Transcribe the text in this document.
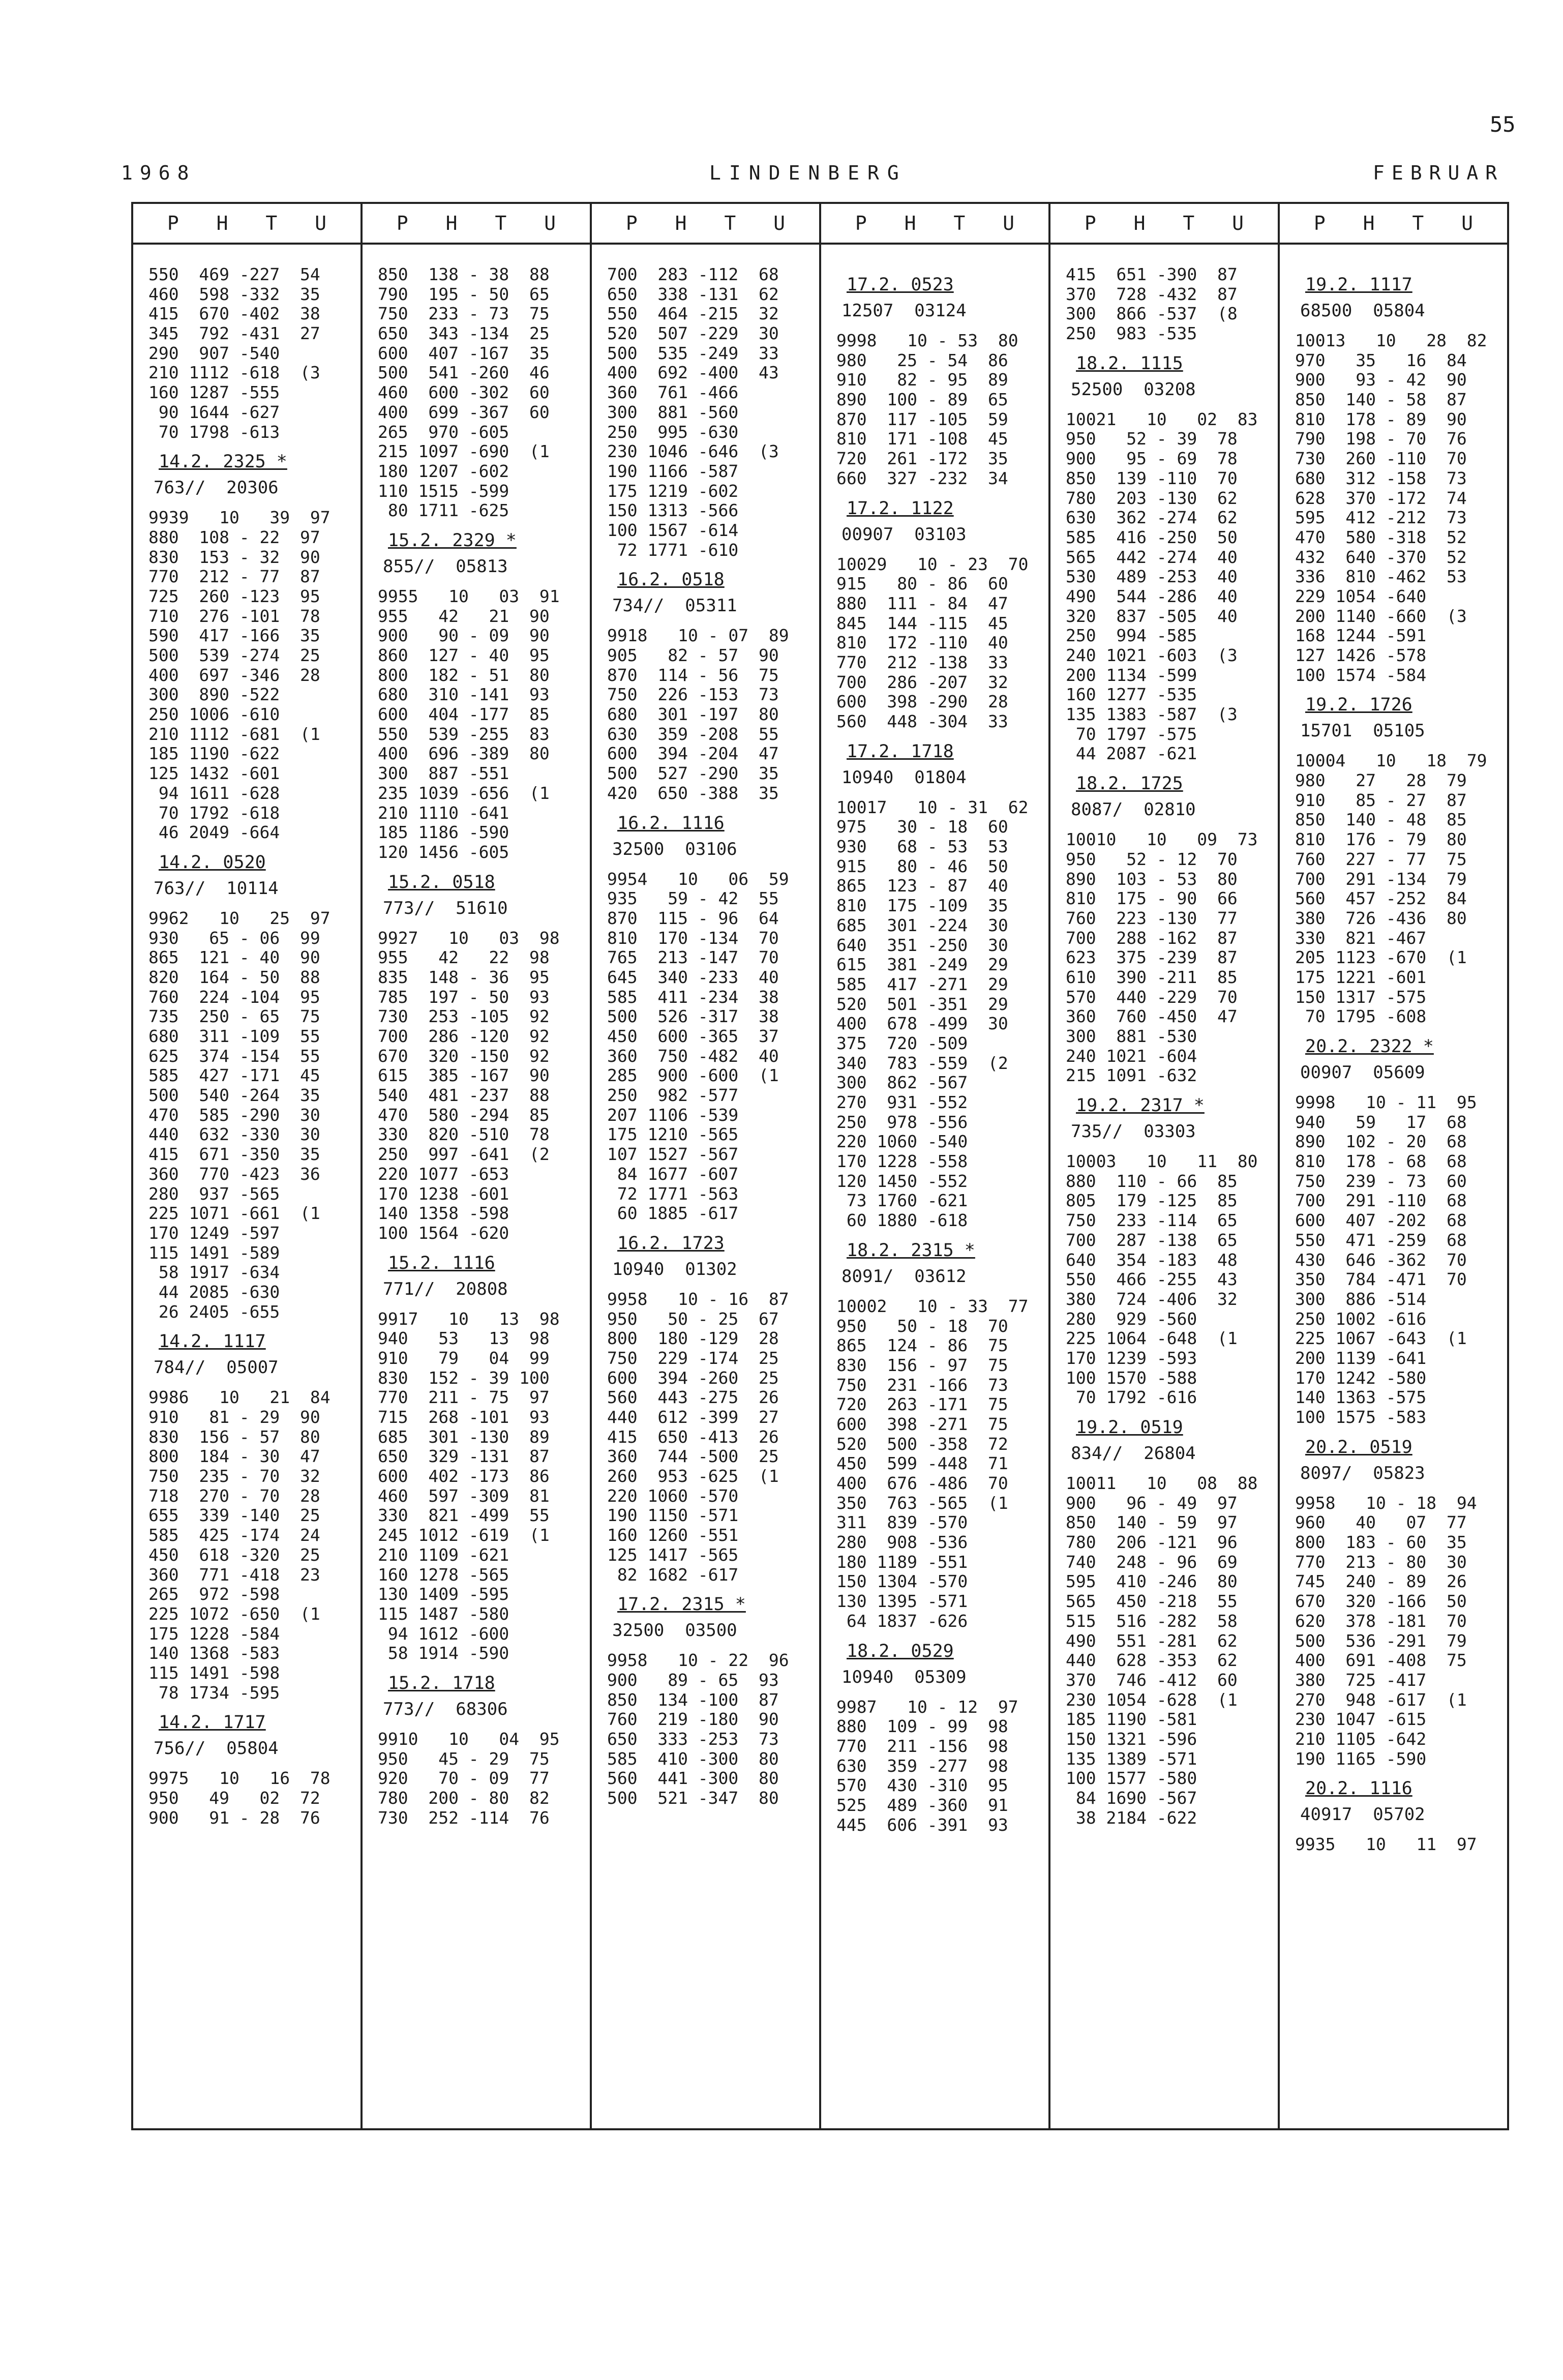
55
1968	LINDENBERG	FEBRUAR
P H T U
550  469 -227  54
460  598 -332  35
415  670 -402  38
345  792 -431  27
290  907 -540
210 1112 -618  (3
160 1287 -555
90 1644 -627
70 1798 -613
14.2. 2325 *
763//  20306
9939   10   39  97
880  108 - 22  97
830  153 - 32  90
770  212 - 77  87
725  260 -123  95
710  276 -101  78
590  417 -166  35
500  539 -274  25
400  697 -346  28
300  890 -522
250 1006 -610
210 1112 -681  (1
185 1190 -622
125 1432 -601
94 1611 -628
70 1792 -618
46 2049 -664
14.2. 0520
763//  10114
9962   10   25  97
930   65 - 06  99
865  121 - 40  90
820  164 - 50  88
760  224 -104  95
735  250 - 65  75
680  311 -109  55
625  374 -154  55
585  427 -171  45
500  540 -264  35
470  585 -290  30
440  632 -330  30
415  671 -350  35
360  770 -423  36
280  937 -565
225 1071 -661  (1
170 1249 -597
115 1491 -589
58 1917 -634
44 2085 -630
26 2405 -655
14.2. 1117
784//  05007
9986   10   21  84
910   81 - 29  90
830  156 - 57  80
800  184 - 30  47
750  235 - 70  32
718  270 - 70  28
655  339 -140  25
585  425 -174  24
450  618 -320  25
360  771 -418  23
265  972 -598
225 1072 -650  (1
175 1228 -584
140 1368 -583
115 1491 -598
78 1734 -595
14.2. 1717
756//  05804
9975   10   16  78
950   49   02  72
900   91 - 28  76
P H T U
850  138 - 38  88
790  195 - 50  65
750  233 - 73  75
650  343 -134  25
600  407 -167  35
500  541 -260  46
460  600 -302  60
400  699 -367  60
265  970 -605
215 1097 -690  (1
180 1207 -602
110 1515 -599
80 1711 -625
15.2. 2329 *
855//  05813
9955   10   03  91
955   42   21  90
900   90 - 09  90
860  127 - 40  95
800  182 - 51  80
680  310 -141  93
600  404 -177  85
550  539 -255  83
400  696 -389  80
300  887 -551
235 1039 -656  (1
210 1110 -641
185 1186 -590
120 1456 -605
15.2. 0518
773//  51610
9927   10   03  98
955   42   22  98
835  148 - 36  95
785  197 - 50  93
730  253 -105  92
700  286 -120  92
670  320 -150  92
615  385 -167  90
540  481 -237  88
470  580 -294  85
330  820 -510  78
250  997 -641  (2
220 1077 -653
170 1238 -601
140 1358 -598
100 1564 -620
15.2. 1116
771//  20808
9917   10   13  98
940   53   13  98
910   79   04  99
830  152 - 39 100
770  211 - 75  97
715  268 -101  93
685  301 -130  89
650  329 -131  87
600  402 -173  86
460  597 -309  81
330  821 -499  55
245 1012 -619  (1
210 1109 -621
160 1278 -565
130 1409 -595
115 1487 -580
94 1612 -600
58 1914 -590
15.2. 1718
773//  68306
9910   10   04  95
950   45 - 29  75
920   70 - 09  77
780  200 - 80  82
730  252 -114  76
P H T U
700  283 -112  68
650  338 -131  62
550  464 -215  32
520  507 -229  30
500  535 -249  33
400  692 -400  43
360  761 -466
300  881 -560
250  995 -630
230 1046 -646  (3
190 1166 -587
175 1219 -602
150 1313 -566
100 1567 -614
72 1771 -610
16.2. 0518
734//  05311
9918   10 - 07  89
905   82 - 57  90
870  114 - 56  75
750  226 -153  73
680  301 -197  80
630  359 -208  55
600  394 -204  47
500  527 -290  35
420  650 -388  35
16.2. 1116
32500  03106
9954   10   06  59
935   59 - 42  55
870  115 - 96  64
810  170 -134  70
765  213 -147  70
645  340 -233  40
585  411 -234  38
500  526 -317  38
450  600 -365  37
360  750 -482  40
285  900 -600  (1
250  982 -577
207 1106 -539
175 1210 -565
107 1527 -567
84 1677 -607
72 1771 -563
60 1885 -617
16.2. 1723
10940  01302
9958   10 - 16  87
950   50 - 25  67
800  180 -129  28
750  229 -174  25
600  394 -260  25
560  443 -275  26
440  612 -399  27
415  650 -413  26
360  744 -500  25
260  953 -625  (1
220 1060 -570
190 1150 -571
160 1260 -551
125 1417 -565
82 1682 -617
17.2. 2315 *
32500  03500
9958   10 - 22  96
900   89 - 65  93
850  134 -100  87
760  219 -180  90
650  333 -253  73
585  410 -300  80
560  441 -300  80
500  521 -347  80
P H T U
17.2. 0523
12507  03124
9998   10 - 53  80
980   25 - 54  86
910   82 - 95  89
890  100 - 89  65
870  117 -105  59
810  171 -108  45
720  261 -172  35
660  327 -232  34
17.2. 1122
00907  03103
10029   10 - 23  70
915   80 - 86  60
880  111 - 84  47
845  144 -115  45
810  172 -110  40
770  212 -138  33
700  286 -207  32
600  398 -290  28
560  448 -304  33
17.2. 1718
10940  01804
10017   10 - 31  62
975   30 - 18  60
930   68 - 53  53
915   80 - 46  50
865  123 - 87  40
810  175 -109  35
685  301 -224  30
640  351 -250  30
615  381 -249  29
585  417 -271  29
520  501 -351  29
400  678 -499  30
375  720 -509
340  783 -559  (2
300  862 -567
270  931 -552
250  978 -556
220 1060 -540
170 1228 -558
120 1450 -552
73 1760 -621
60 1880 -618
18.2. 2315 *
8091/  03612
10002   10 - 33  77
950   50 - 18  70
865  124 - 86  75
830  156 - 97  75
750  231 -166  73
720  263 -171  75
600  398 -271  75
520  500 -358  72
450  599 -448  71
400  676 -486  70
350  763 -565  (1
311  839 -570
280  908 -536
180 1189 -551
150 1304 -570
130 1395 -571
64 1837 -626
18.2. 0529
10940  05309
9987   10 - 12  97
880  109 - 99  98
770  211 -156  98
630  359 -277  98
570  430 -310  95
525  489 -360  91
445  606 -391  93
P H T U
415  651 -390  87
370  728 -432  87
300  866 -537  (8
250  983 -535
18.2. 1115
52500  03208
10021   10   02  83
950   52 - 39  78
900   95 - 69  78
850  139 -110  70
780  203 -130  62
630  362 -274  62
585  416 -250  50
565  442 -274  40
530  489 -253  40
490  544 -286  40
320  837 -505  40
250  994 -585
240 1021 -603  (3
200 1134 -599
160 1277 -535
135 1383 -587  (3
70 1797 -575
44 2087 -621
18.2. 1725
8087/  02810
10010   10   09  73
950   52 - 12  70
890  103 - 53  80
810  175 - 90  66
760  223 -130  77
700  288 -162  87
623  375 -239  87
610  390 -211  85
570  440 -229  70
360  760 -450  47
300  881 -530
240 1021 -604
215 1091 -632
19.2. 2317 *
735//  03303
10003   10   11  80
880  110 - 66  85
805  179 -125  85
750  233 -114  65
700  287 -138  65
640  354 -183  48
550  466 -255  43
380  724 -406  32
280  929 -560
225 1064 -648  (1
170 1239 -593
100 1570 -588
70 1792 -616
19.2. 0519
834//  26804
10011   10   08  88
900   96 - 49  97
850  140 - 59  97
780  206 -121  96
740  248 - 96  69
595  410 -246  80
565  450 -218  55
515  516 -282  58
490  551 -281  62
440  628 -353  62
370  746 -412  60
230 1054 -628  (1
185 1190 -581
150 1321 -596
135 1389 -571
100 1577 -580
84 1690 -567
38 2184 -622
P H T U
19.2. 1117
68500  05804
10013   10   28  82
970   35   16  84
900   93 - 42  90
850  140 - 58  87
810  178 - 89  90
790  198 - 70  76
730  260 -110  70
680  312 -158  73
628  370 -172  74
595  412 -212  73
470  580 -318  52
432  640 -370  52
336  810 -462  53
229 1054 -640
200 1140 -660  (3
168 1244 -591
127 1426 -578
100 1574 -584
19.2. 1726
15701  05105
10004   10   18  79
980   27   28  79
910   85 - 27  87
850  140 - 48  85
810  176 - 79  80
760  227 - 77  75
700  291 -134  79
560  457 -252  84
380  726 -436  80
330  821 -467
205 1123 -670  (1
175 1221 -601
150 1317 -575
70 1795 -608
20.2. 2322 *
00907  05609
9998   10 - 11  95
940   59   17  68
890  102 - 20  68
810  178 - 68  68
750  239 - 73  60
700  291 -110  68
600  407 -202  68
550  471 -259  68
430  646 -362  70
350  784 -471  70
300  886 -514
250 1002 -616
225 1067 -643  (1
200 1139 -641
170 1242 -580
140 1363 -575
100 1575 -583
20.2. 0519
8097/  05823
9958   10 - 18  94
960   40   07  77
800  183 - 60  35
770  213 - 80  30
745  240 - 89  26
670  320 -166  50
620  378 -181  70
500  536 -291  79
400  691 -408  75
380  725 -417
270  948 -617  (1
230 1047 -615
210 1105 -642
190 1165 -590
20.2. 1116
40917  05702
9935   10   11  97
